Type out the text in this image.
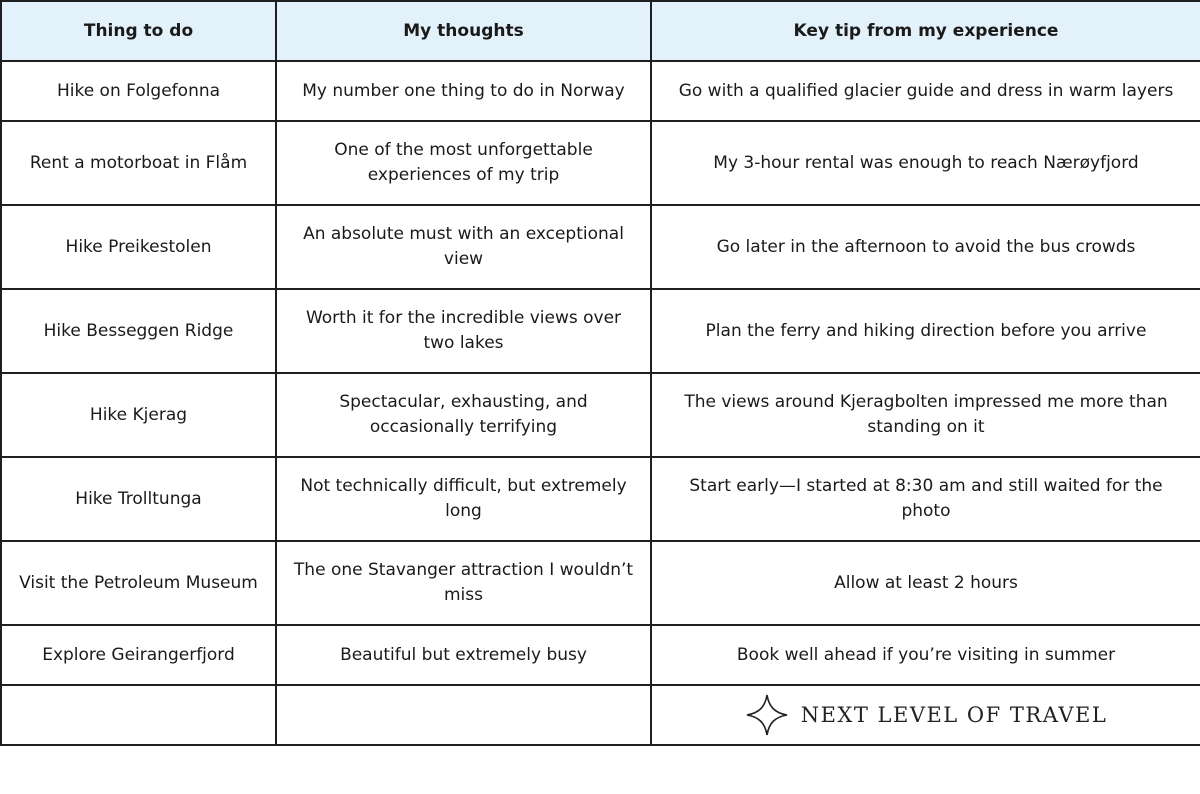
Thing to do	My thoughts	Key tip from my experience
Hike on Folgefonna	My number one thing to do in Norway	Go with a qualified glacier guide and dress in warm layers
Rent a motorboat in Flåm	One of the most unforgettable experiences of my trip	My 3-hour rental was enough to reach Nærøyfjord
Hike Preikestolen	An absolute must with an exceptional view	Go later in the afternoon to avoid the bus crowds
Hike Besseggen Ridge	Worth it for the incredible views over two lakes	Plan the ferry and hiking direction before you arrive
Hike Kjerag	Spectacular, exhausting, and occasionally terrifying	The views around Kjeragbolten impressed me more than standing on it
Hike Trolltunga	Not technically difficult, but extremely long	Start early—I started at 8:30 am and still waited for the photo
Visit the Petroleum Museum	The one Stavanger attraction I wouldn’t miss	Allow at least 2 hours
Explore Geirangerfjord	Beautiful but extremely busy	Book well ahead if you’re visiting in summer

		NEXT LEVEL OF TRAVEL
